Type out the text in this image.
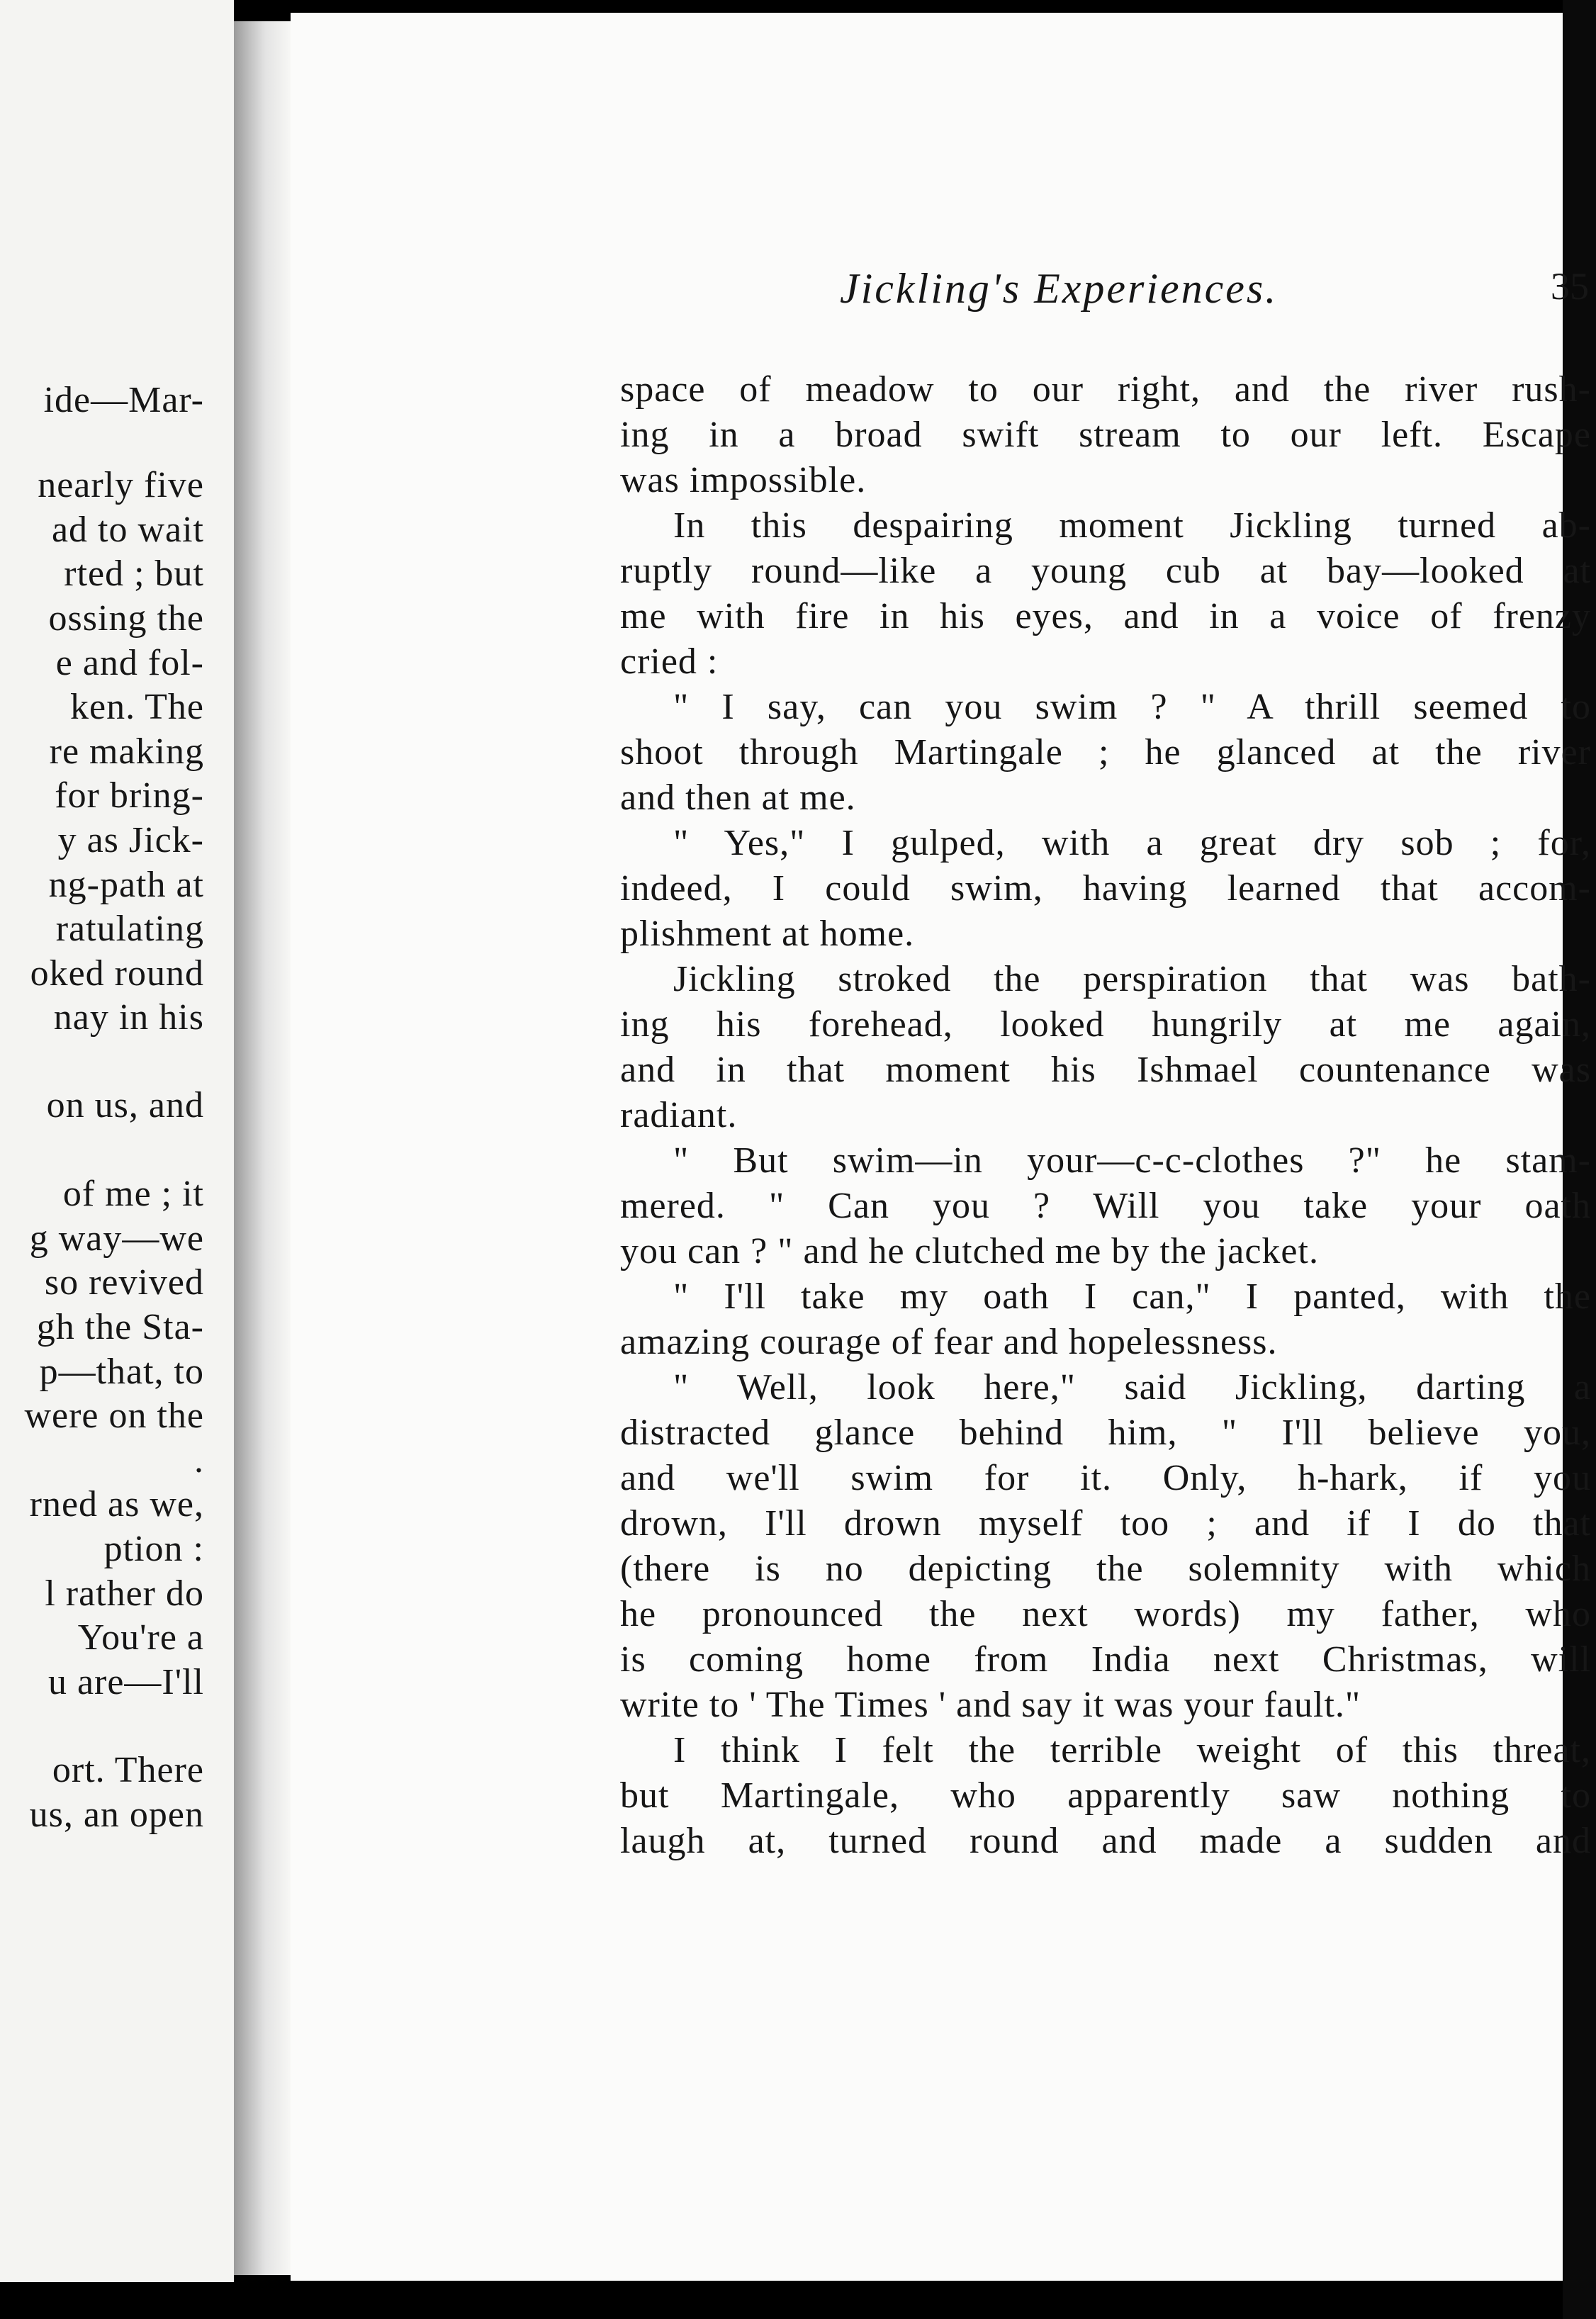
ide—Mar-
nearly five
ad to wait
rted ; but
ossing the
e and fol-
ken. The
re making
for bring-
y as Jick-
ng-path at
ratulating
oked round
nay in his
on us, and
of me ; it
g way—we
so revived
gh the Sta-
p—that, to
were on the
.
rned as we,
ption :
l rather do
You're a
u are—I'll
ort. There
us, an open
Jickling's Experiences.	35
space of meadow to our right, and the river rush-
ing in a broad swift stream to our left. Escape
was impossible.
In this despairing moment Jickling turned ab-
ruptly round—like a young cub at bay—looked at
me with fire in his eyes, and in a voice of frenzy
cried :
" I say, can you swim ? " A thrill seemed to
shoot through Martingale ; he glanced at the river
and then at me.
" Yes," I gulped, with a great dry sob ; for,
indeed, I could swim, having learned that accom-
plishment at home.
Jickling stroked the perspiration that was bath-
ing his forehead, looked hungrily at me again,
and in that moment his Ishmael countenance was
radiant.
" But swim—in your—c-c-clothes ?" he stam-
mered. " Can you ? Will you take your oath
you can ? " and he clutched me by the jacket.
" I'll take my oath I can," I panted, with the
amazing courage of fear and hopelessness.
" Well, look here," said Jickling, darting a
distracted glance behind him, " I'll believe you,
and we'll swim for it. Only, h-hark, if you
drown, I'll drown myself too ; and if I do that
(there is no depicting the solemnity with which
he pronounced the next words) my father, who
is coming home from India next Christmas, will
write to ' The Times ' and say it was your fault."
I think I felt the terrible weight of this threat,
but Martingale, who apparently saw nothing to
laugh at, turned round and made a sudden and
